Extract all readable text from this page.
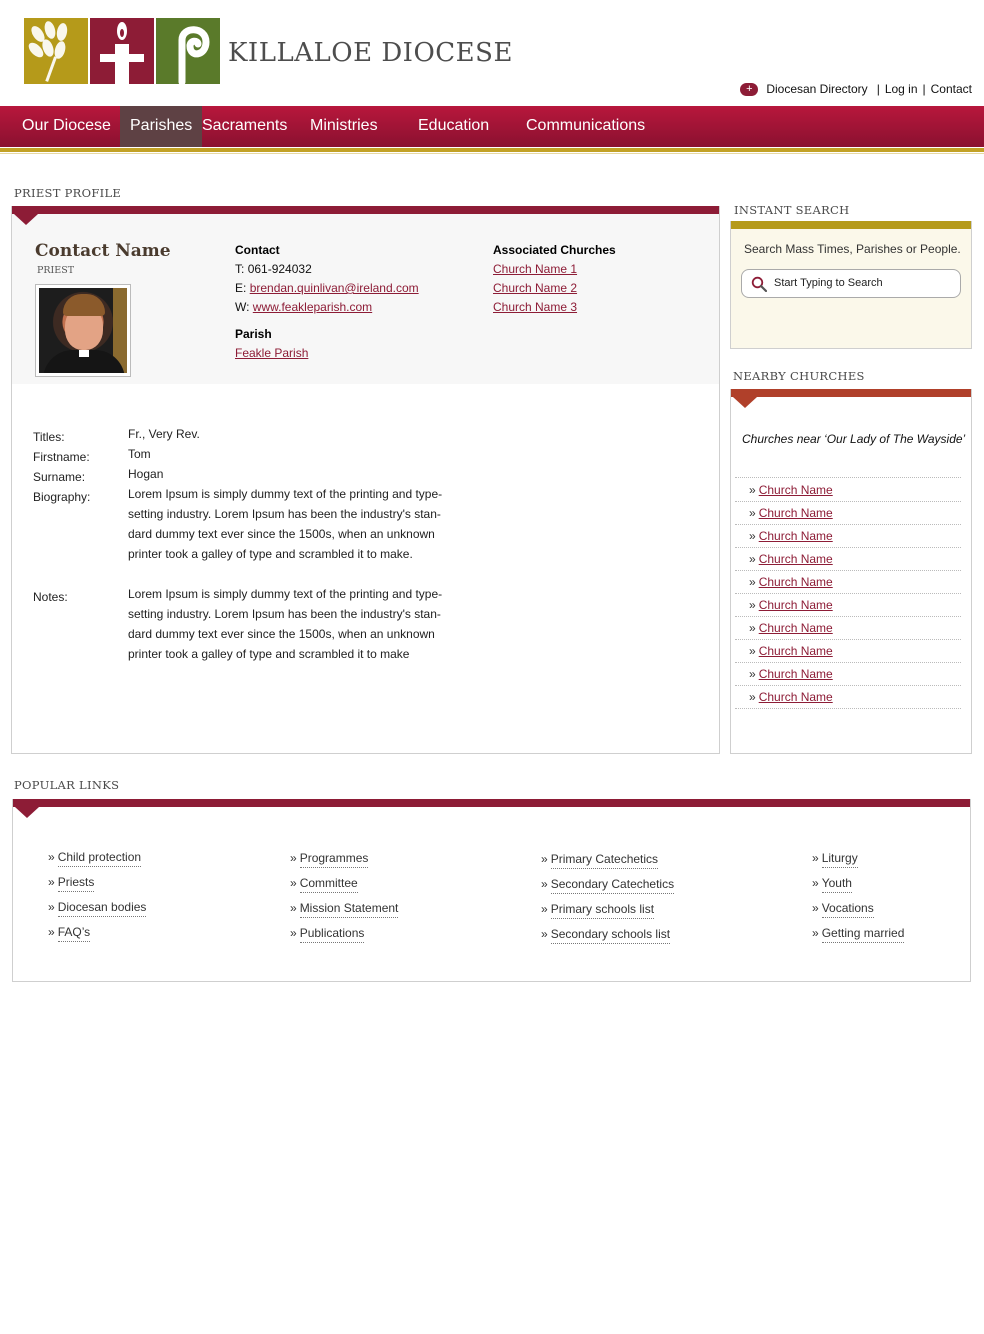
KILLALOE DIOCESE
+	Diocesan Directory | Log in | Contact
Our Diocese	Parishes Sacraments	Ministries	Education	Communications
PRIEST PROFILE
Contact Name
PRIEST
Contact
T: 061-924032
E: brendan.quinlivan@ireland.com
W: www.feakleparish.com
Parish
Feakle Parish
Associated Churches
Church Name 1
Church Name 2
Church Name 3
Titles:	Fr., Very Rev.
Firstname:	Tom
Surname:	Hogan
Biography:	Lorem Ipsum is simply dummy text of the printing and type-setting industry. Lorem Ipsum has been the industry's stan-dard dummy text ever since the 1500s, when an unknown printer took a galley of type and scrambled it to make.
Notes:	Lorem Ipsum is simply dummy text of the printing and type-setting industry. Lorem Ipsum has been the industry's stan-dard dummy text ever since the 1500s, when an unknown printer took a galley of type and scrambled it to make
INSTANT SEARCH
Search Mass Times, Parishes or People.
Start Typing to Search
NEARBY CHURCHES
Churches near ‘Our Lady of The Wayside’
» Church Name
» Church Name
» Church Name
» Church Name
» Church Name
» Church Name
» Church Name
» Church Name
» Church Name
» Church Name
POPULAR LINKS
» Child protection
» Priests
» Diocesan bodies
» FAQ’s
» Programmes
» Committee
» Mission Statement
» Publications
» Primary Catechetics
» Secondary Catechetics
» Primary schools list
» Secondary schools list
» Liturgy
» Youth
» Vocations
» Getting married
